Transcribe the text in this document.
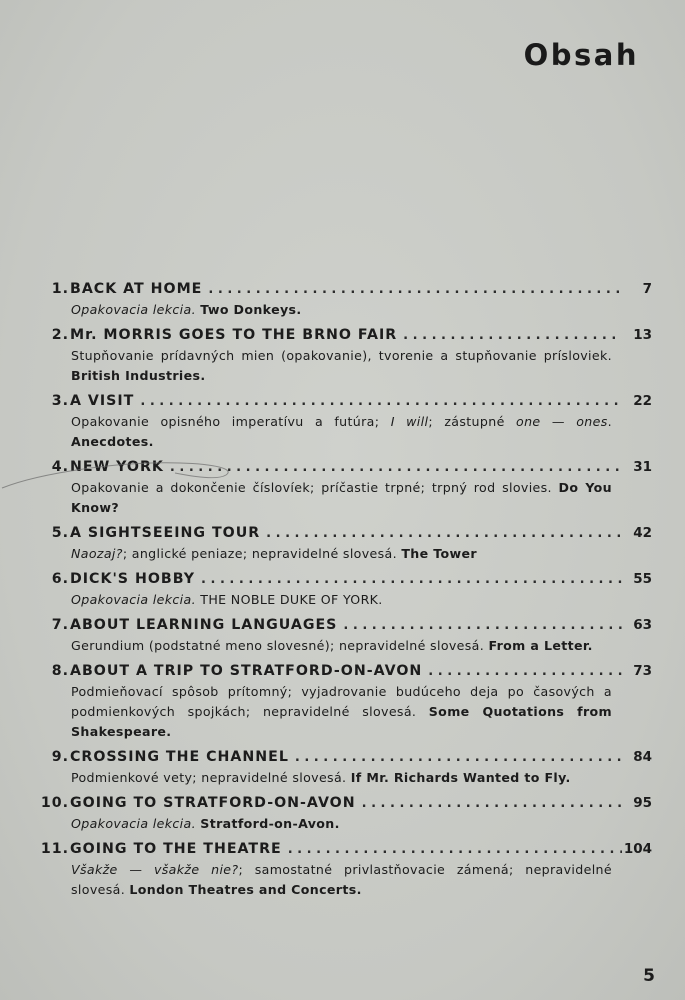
Obsah
1. BACK AT HOME . . .	7
Opakovacia lekcia. Two Donkeys.
2. Mr. MORRIS GOES TO THE BRNO FAIR . . .	13
Stupňovanie prídavných mien (opakovanie), tvorenie a stupňovanie prísloviek. British Industries.
3. A VISIT . . .	22
Opakovanie opisného imperatívu a futúra; I will; zástupné one — ones. Anecdotes.
4. NEW YORK . . .	31
Opakovanie a dokončenie číslovíek; príčastie trpné; trpný rod slovies. Do You Know?
5. A SIGHTSEEING TOUR . . .	42
Naozaj?; anglické peniaze; nepravidelné slovesá. The Tower
6. DICK'S HOBBY . . .	55
Opakovacia lekcia. THE NOBLE DUKE OF YORK.
7. ABOUT LEARNING LANGUAGES . . .	63
Gerundium (podstatné meno slovesné); nepravidelné slovesá. From a Letter.
8. ABOUT A TRIP TO STRATFORD-ON-AVON . . .	73
Podmieňovací spôsob prítomný; vyjadrovanie budúceho deja po časových a podmienkových spojkách; nepravidelné slovesá. Some Quotations from Shakespeare.
9. CROSSING THE CHANNEL . . .	84
Podmienkové vety; nepravidelné slovesá. If Mr. Richards Wanted to Fly.
10. GOING TO STRATFORD-ON-AVON . . .	95
Opakovacia lekcia. Stratford-on-Avon.
11. GOING TO THE THEATRE . . .	104
Všakže — všakže nie?; samostatné privlastňovacie zámená; nepravidelné slovesá. London Theatres and Concerts.
5
